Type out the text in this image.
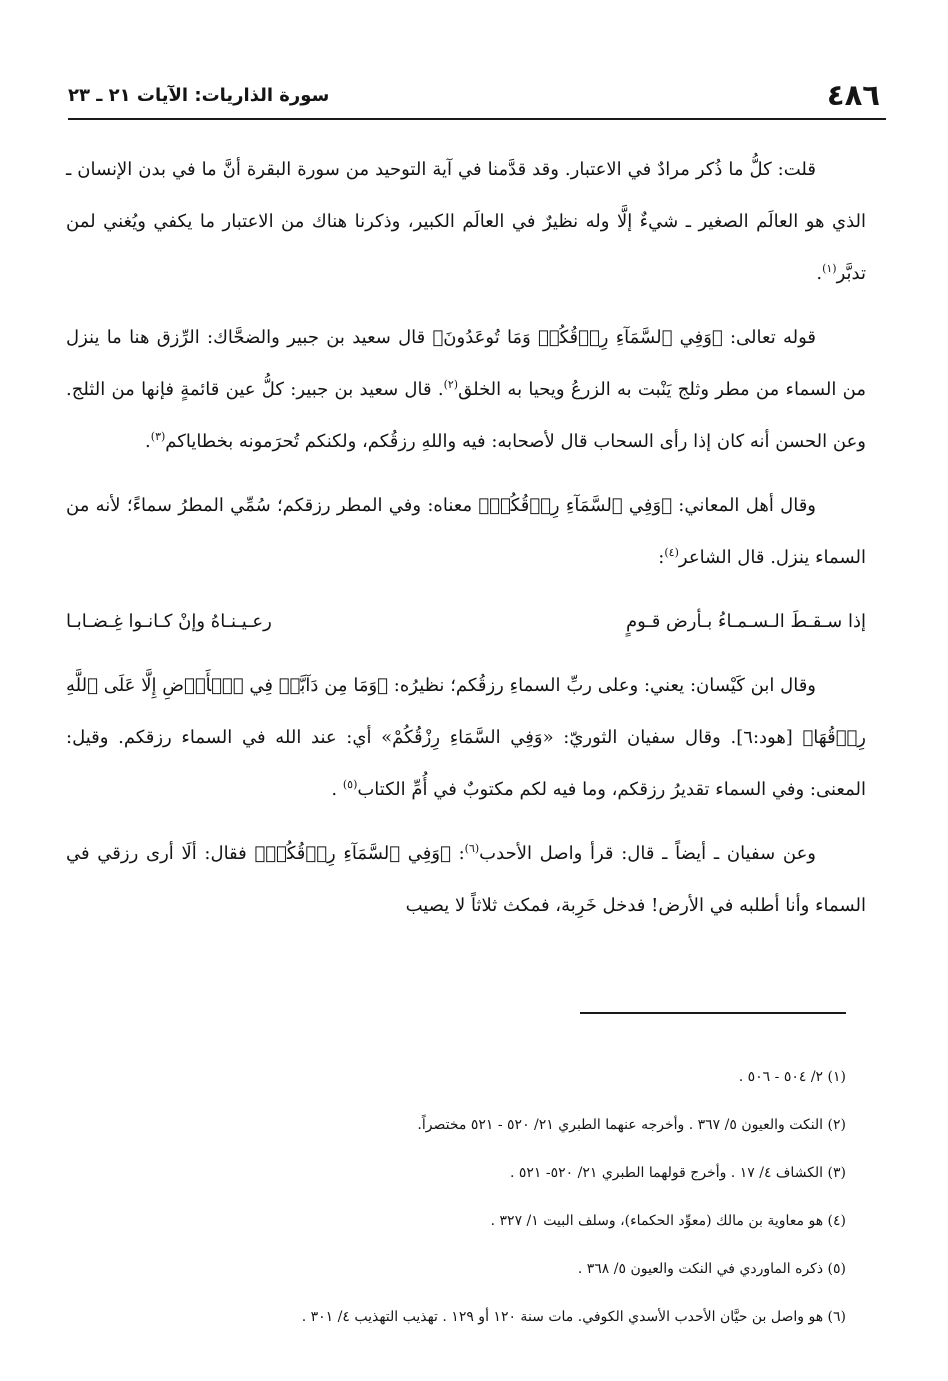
٤٨٦
سورة الذاريات: الآيات ٢١ ـ ٢٣

قلت: كلُّ ما ذُكر مرادٌ في الاعتبار. وقد قدَّمنا في آية التوحيد من سورة البقرة أنَّ ما في بدن الإنسان ـ الذي هو العالَم الصغير ـ شيءٌ إلَّا وله نظيرٌ في العالَم الكبير، وذكرنا هناك من الاعتبار ما يكفي ويُغني لمن تدبَّر$^{(١)}$.

قوله تعالى: ﴿وَفِي ٱلسَّمَآءِ رِزۡقُكُمۡ وَمَا تُوعَدُونَ﴾ قال سعيد بن جبير والضحَّاك: الرِّزق هنا ما ينزل من السماء من مطر وثلج يَنْبت به الزرعُ ويحيا به الخلق$^{(٢)}$. قال سعيد بن جبير: كلُّ عين قائمةٍ فإنها من الثلج. وعن الحسن أنه كان إذا رأى السحاب قال لأصحابه: فيه واللهِ رزقُكم، ولكنكم تُحرَمونه بخطاياكم$^{(٣)}$.

وقال أهل المعاني: ﴿وَفِي ٱلسَّمَآءِ رِزۡقُكُمۡ﴾ معناه: وفي المطر رزقكم؛ سُمِّي المطرُ سماءً؛ لأنه من السماء ينزل. قال الشاعر$^{(٤)}$:

إذا سـقـطَ الـسـمـاءُ بـأرض قـومٍ
رعـيـنـاهُ وإنْ كـانـوا غِـضـابـا

وقال ابن كَيْسان: يعني: وعلى ربِّ السماءِ رزقُكم؛ نظيرُه: ﴿وَمَا مِن دَآبَّةٖ فِي ٱلۡأَرۡضِ إِلَّا عَلَى ٱللَّهِ رِزۡقُهَا﴾ [هود:٦]. وقال سفيان الثوريّ: «وَفِي السَّمَاءِ رِزْقُكُمْ» أي: عند الله في السماء رزقكم. وقيل: المعنى: وفي السماء تقديرُ رزقكم، وما فيه لكم مكتوبٌ في أُمِّ الكتاب$^{(٥)}$ .

وعن سفيان ـ أيضاً ـ قال: قرأ واصل الأحدب$^{(٦)}$: ﴿وَفِي ٱلسَّمَآءِ رِزۡقُكُمۡ﴾ فقال: ألَا أرى رزقي في السماء وأنا أطلبه في الأرض! فدخل خَرِبة، فمكث ثلاثاً لا يصيب

(١) ٢/ ٥٠٤ - ٥٠٦ .
(٢) النكت والعيون ٥/ ٣٦٧ . وأخرجه عنهما الطبري ٢١/ ٥٢٠ - ٥٢١ مختصراً.
(٣) الكشاف ٤/ ١٧ . وأخرج قولهما الطبري ٢١/ ٥٢٠- ٥٢١ .
(٤) هو معاوية بن مالك (معوِّد الحكماء)، وسلف البيت ١/ ٣٢٧ .
(٥) ذكره الماوردي في النكت والعيون ٥/ ٣٦٨ .
(٦) هو واصل بن حيَّان الأحدب الأسدي الكوفي. مات سنة ١٢٠ أو ١٢٩ . تهذيب التهذيب ٤/ ٣٠١ .
